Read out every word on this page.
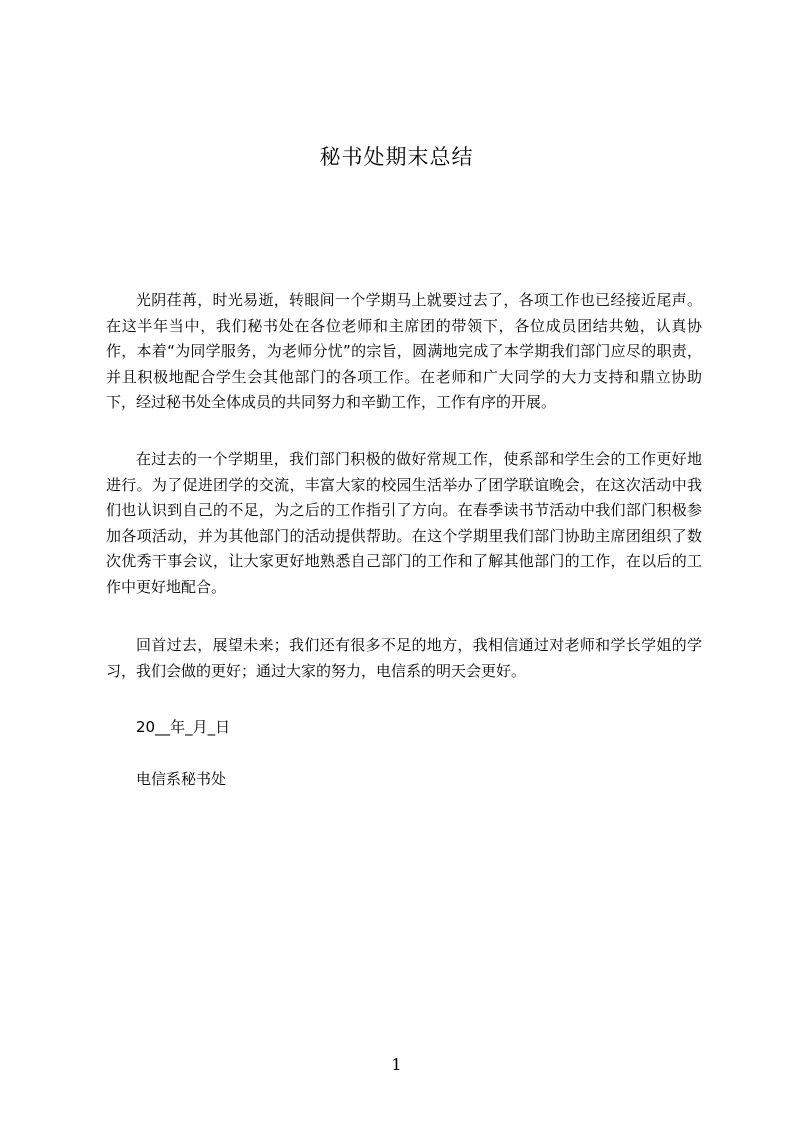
秘书处期末总结

光阴荏苒，时光易逝，转眼间一个学期马上就要过去了，各项工作也已经接近尾声。在这半年当中，我们秘书处在各位老师和主席团的带领下，各位成员团结共勉，认真协作，本着“为同学服务，为老师分忧”的宗旨，圆满地完成了本学期我们部门应尽的职责，并且积极地配合学生会其他部门的各项工作。在老师和广大同学的大力支持和鼎立协助下，经过秘书处全体成员的共同努力和辛勤工作，工作有序的开展。

在过去的一个学期里，我们部门积极的做好常规工作，使系部和学生会的工作更好地进行。为了促进团学的交流，丰富大家的校园生活举办了团学联谊晚会，在这次活动中我们也认识到自己的不足，为之后的工作指引了方向。在春季读书节活动中我们部门积极参加各项活动，并为其他部门的活动提供帮助。在这个学期里我们部门协助主席团组织了数次优秀干事会议，让大家更好地熟悉自己部门的工作和了解其他部门的工作，在以后的工作中更好地配合。

回首过去，展望未来；我们还有很多不足的地方，我相信通过对老师和学长学姐的学习，我们会做的更好；通过大家的努力，电信系的明天会更好。

20__年_月_日
电信系秘书处
1
